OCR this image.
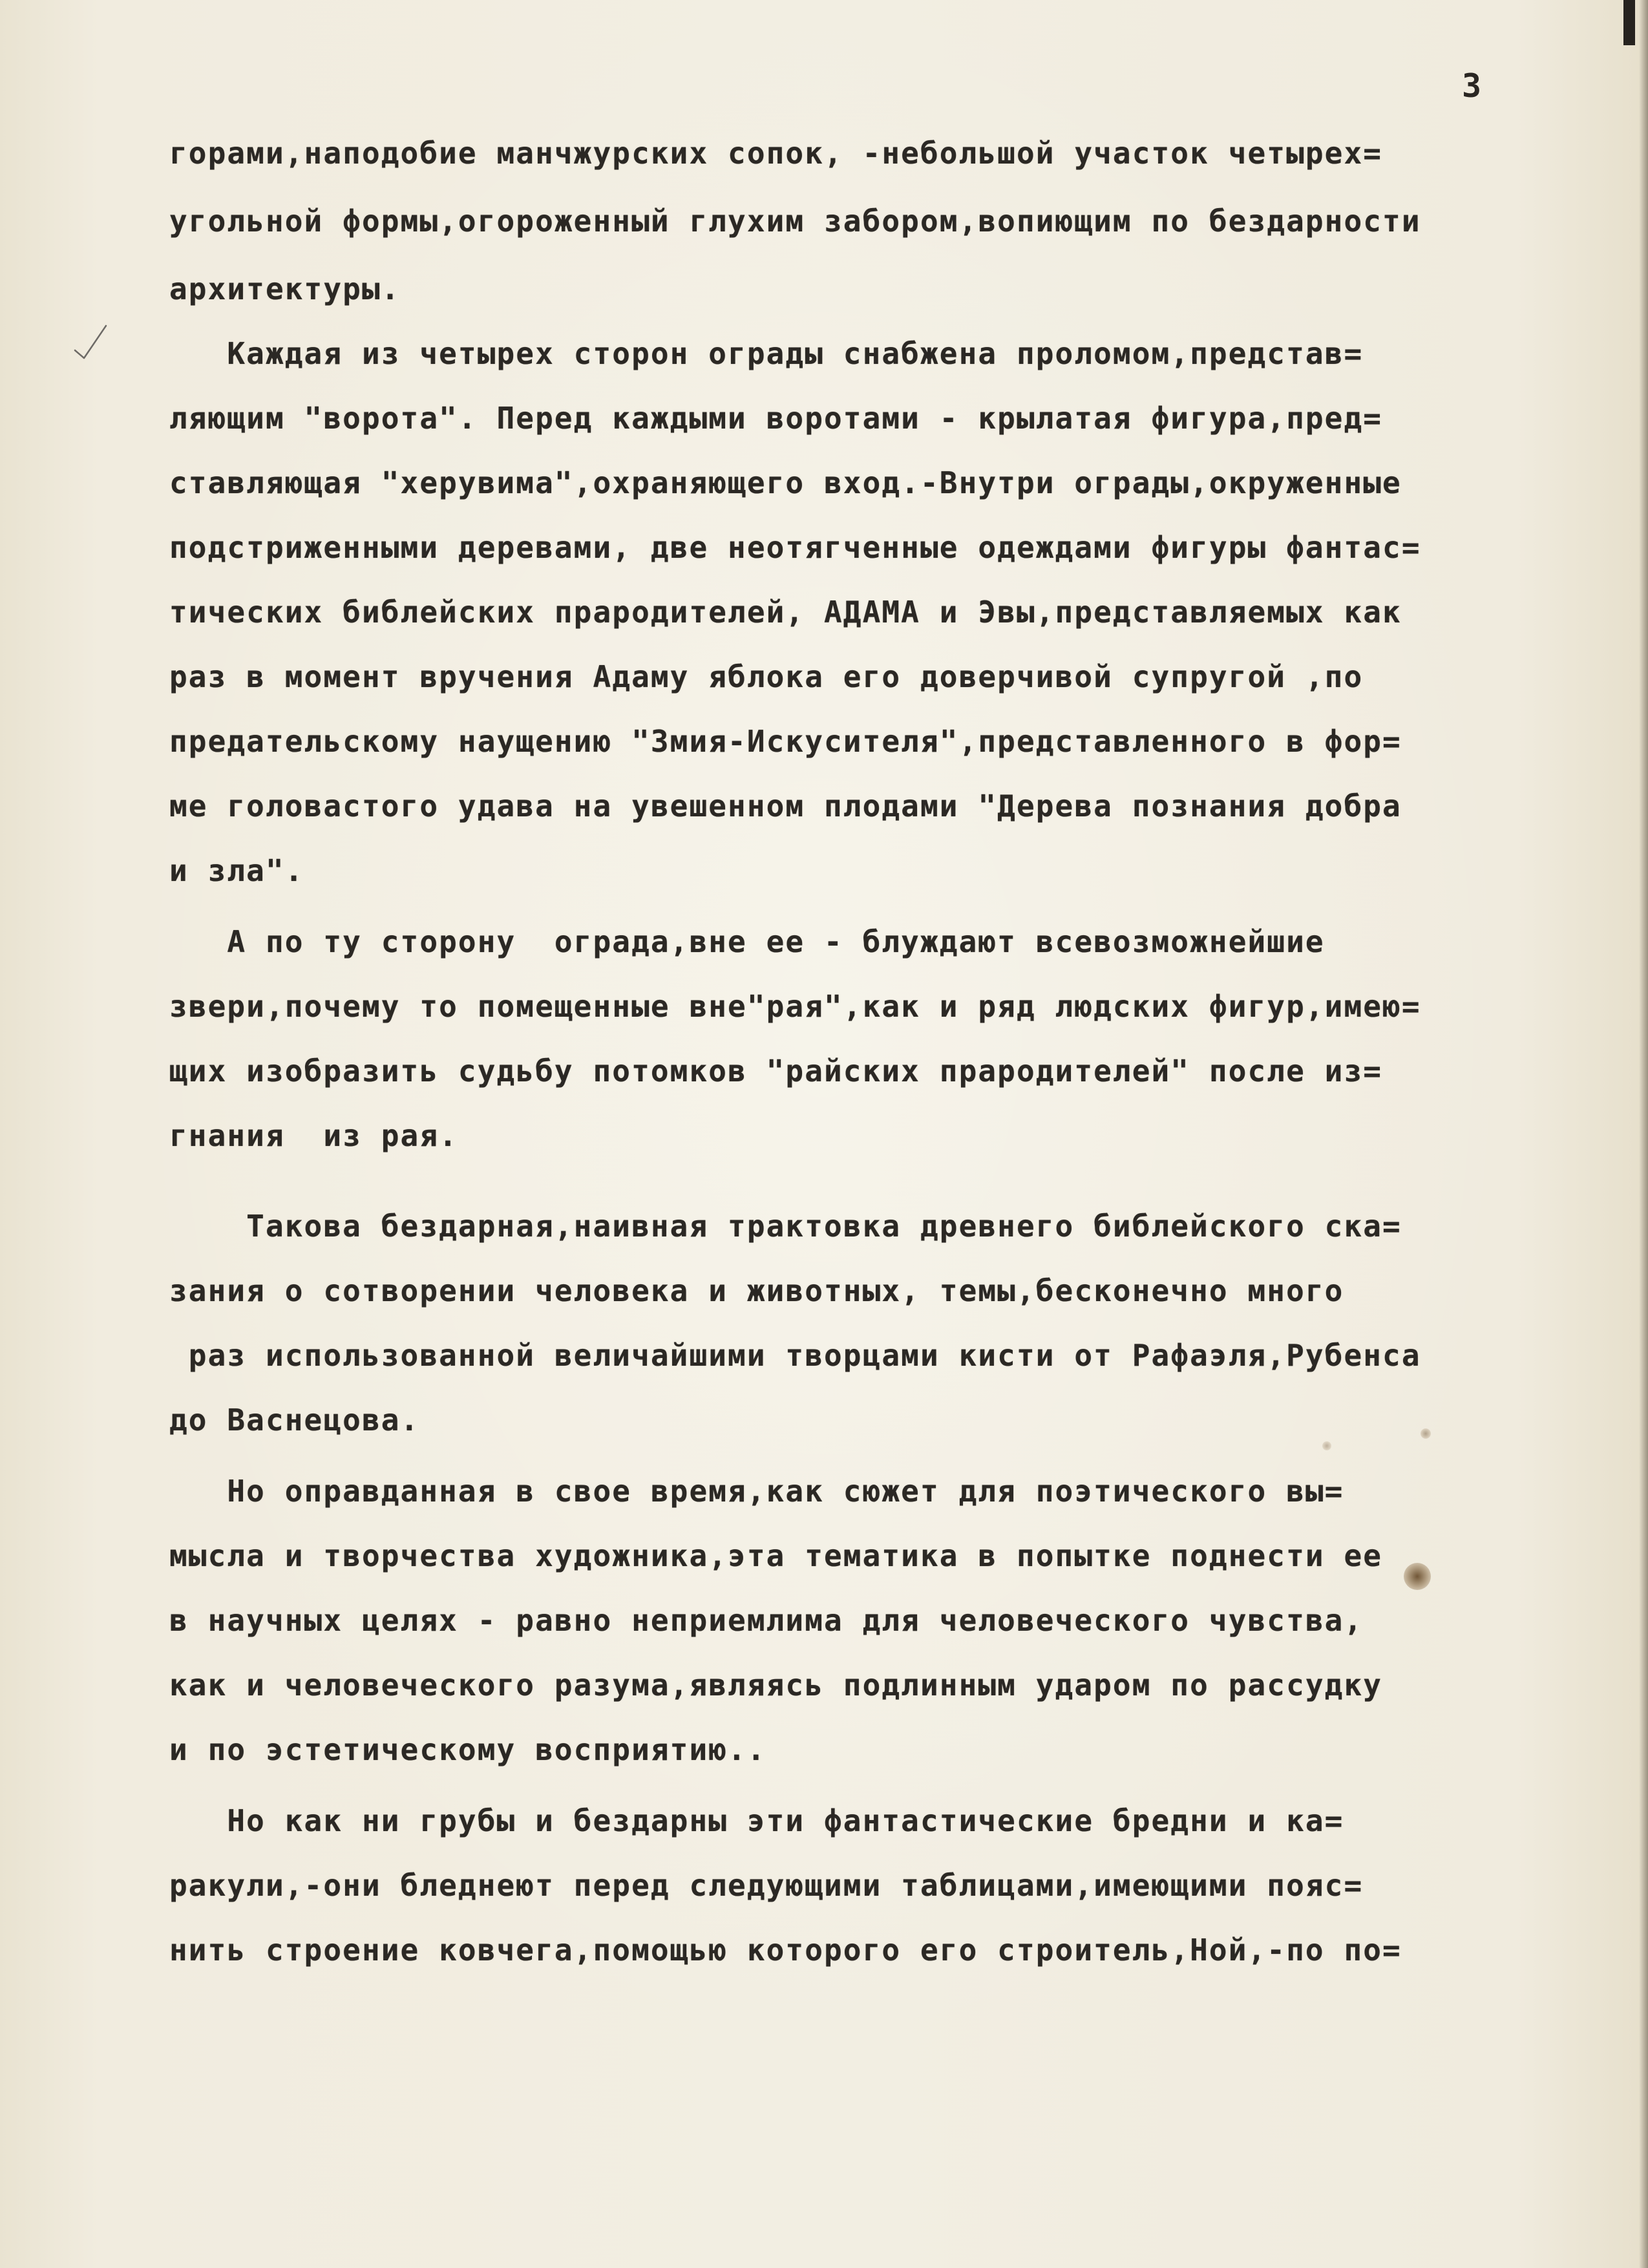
3
горами,наподобие манчжурских сопок, -небольшой участок четырех=
угольной формы,огороженный глухим забором,вопиющим по бездарности
архитектуры.
Каждая из четырех сторон ограды снабжена проломом,представ=
ляющим "ворота". Перед каждыми воротами - крылатая фигура,пред=
ставляющая "херувима",охраняющего вход.-Внутри ограды,окруженные
подстриженными деревами, две неотягченные одеждами фигуры фантас=
тических библейских прародителей, АДАМА и Эвы,представляемых как
раз в момент вручения Адаму яблока его доверчивой супругой ,по
предательскому наущению "Змия-Искусителя",представленного в фор=
ме головастого удава на увешенном плодами "Дерева познания добра
и зла".
А по ту сторону  ограда,вне ее - блуждают всевозможнейшие
звери,почему то помещенные вне"рая",как и ряд людских фигур,имею=
щих изобразить судьбу потомков "райских прародителей" после из=
гнания  из рая.
Такова бездарная,наивная трактовка древнего библейского ска=
зания о сотворении человека и животных, темы,бесконечно много
раз использованной величайшими творцами кисти от Рафаэля,Рубенса
до Васнецова.
Но оправданная в свое время,как сюжет для поэтического вы=
мысла и творчества художника,эта тематика в попытке поднести ее
в научных целях - равно неприемлима для человеческого чувства,
как и человеческого разума,являясь подлинным ударом по рассудку
и по эстетическому восприятию..
Но как ни грубы и бездарны эти фантастические бредни и ка=
ракули,-они бледнеют перед следующими таблицами,имеющими пояс=
нить строение ковчега,помощью которого его строитель,Ной,-по по=
